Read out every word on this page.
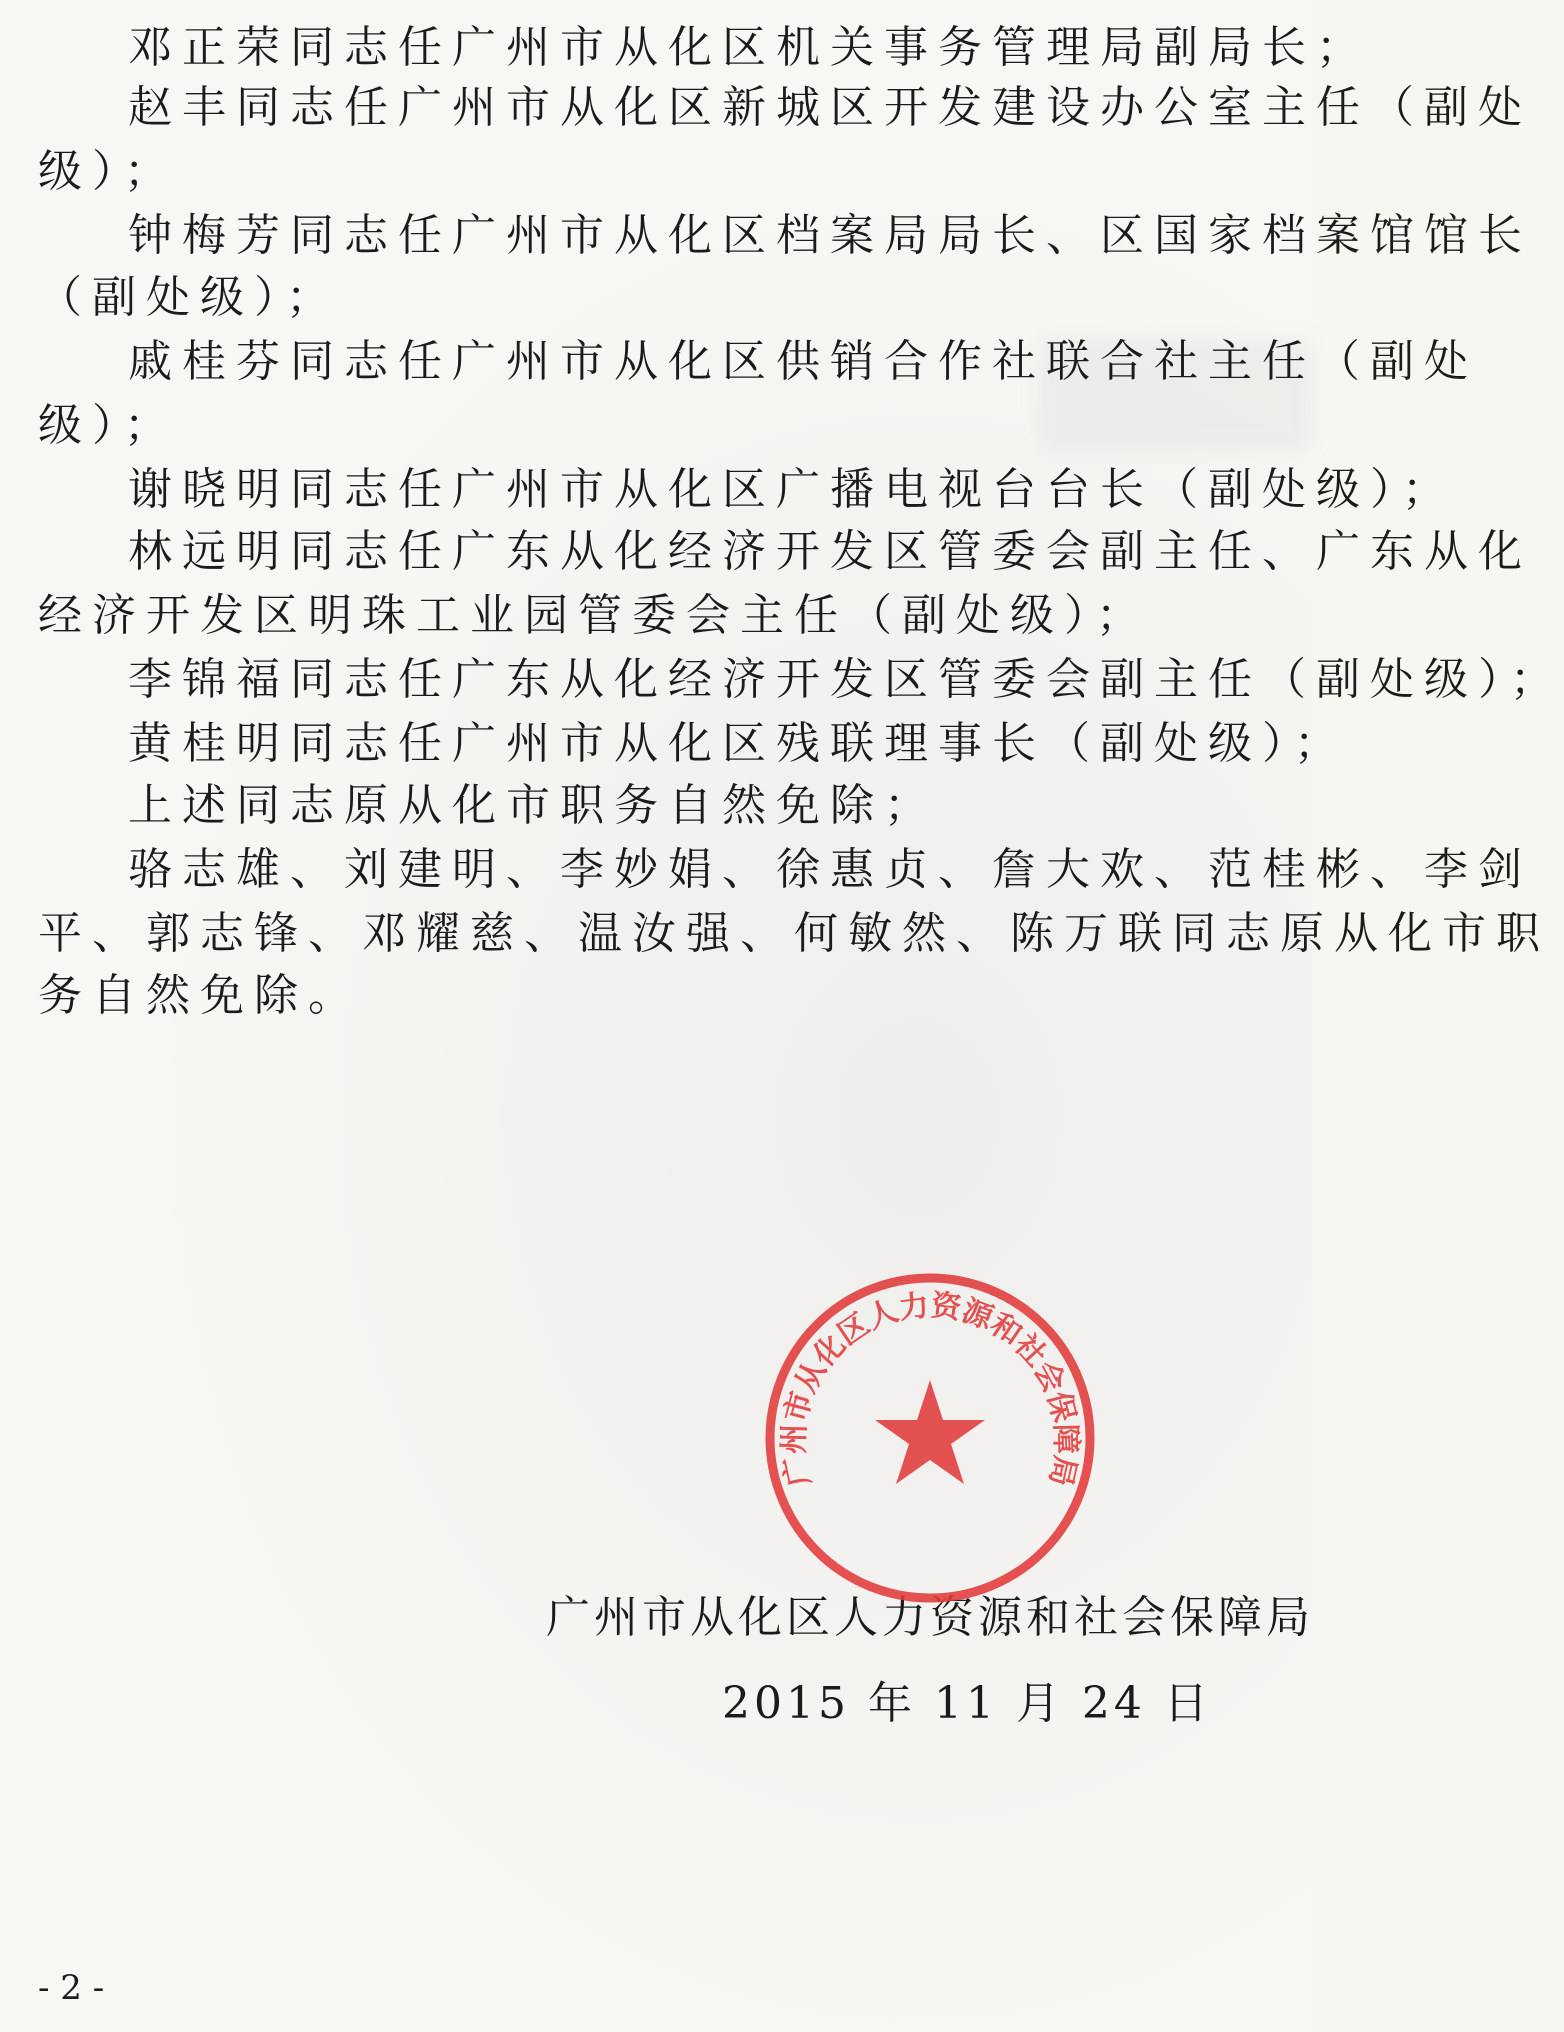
邓正荣同志任广州市从化区机关事务管理局副局长；
赵丰同志任广州市从化区新城区开发建设办公室主任（副处
级）；
钟梅芳同志任广州市从化区档案局局长、区国家档案馆馆长
（副处级）；
戚桂芬同志任广州市从化区供销合作社联合社主任（副处
级）；
谢晓明同志任广州市从化区广播电视台台长（副处级）；
林远明同志任广东从化经济开发区管委会副主任、广东从化
经济开发区明珠工业园管委会主任（副处级）；
李锦福同志任广东从化经济开发区管委会副主任（副处级）；
黄桂明同志任广州市从化区残联理事长（副处级）；
上述同志原从化市职务自然免除；
骆志雄、刘建明、李妙娟、徐惠贞、詹大欢、范桂彬、李剑
平、郭志锋、邓耀慈、温汝强、何敏然、陈万联同志原从化市职
务自然免除。
广州市从化区人力资源和社会保障局
2015 年 11 月 24 日
广州市从化区人力资源和社会保障局
- 2 -
